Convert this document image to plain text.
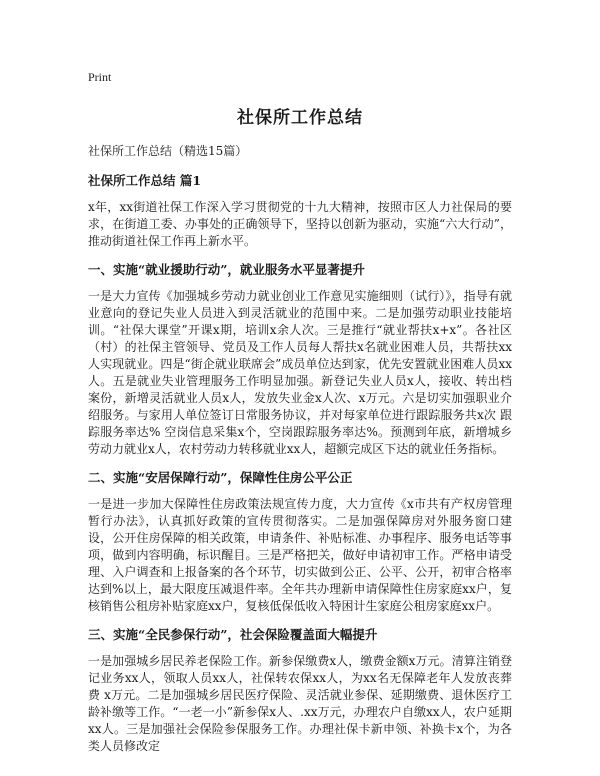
Print
社保所工作总结
社保所工作总结（精选15篇）
社保所工作总结 篇1

x年，xx街道社保工作深入学习贯彻党的十九大精神，按照市区人力社保局的要求，在街道工委、办事处的正确领导下，坚持以创新为驱动，实施“六大行动”，推动街道社保工作再上新水平。

一、实施“就业援助行动”，就业服务水平显著提升

一是大力宣传《加强城乡劳动力就业创业工作意见实施细则（试行）》，指导有就业意向的登记失业人员进入到灵活就业的范围中来。二是加强劳动职业技能培训。“社保大课堂”开课x期，培训x余人次。三是推行“就业帮扶x+x”。各社区（村）的社保主管领导、党员及工作人员每人帮扶x名就业困难人员，共帮扶xx人实现就业。四是“街企就业联席会”成员单位达到家，优先安置就业困难人员xx人。五是就业失业管理服务工作明显加强。新登记失业人员x人，接收、转出档案份，新增灵活就业人员x人，发放失业金x人次、x万元。六是切实加强职业介绍服务。与家用人单位签订日常服务协议，并对每家单位进行跟踪服务共x次 跟踪服务率达% 空岗信息采集x个，空岗跟踪服务率达%。预测到年底，新增城乡劳动力就业x人，农村劳动力转移就业xx人，超额完成区下达的就业任务指标。

二、实施“安居保障行动”，保障性住房公平公正

一是进一步加大保障性住房政策法规宣传力度，大力宣传《x市共有产权房管理暂行办法》，认真抓好政策的宣传贯彻落实。二是加强保障房对外服务窗口建设，公开住房保障的相关政策，申请条件、补贴标准、办事程序、服务电话等事项，做到内容明确，标识醒目。三是严格把关，做好申请初审工作。严格申请受理、入户调查和上报备案的各个环节，切实做到公正、公平、公开，初审合格率达到%以上，最大限度压减退件率。全年共办理新申请保障性住房家庭xx户，复核销售公租房补贴家庭xx户，复核低保低收入特困计生家庭公租房家庭xx户。

三、实施“全民参保行动”，社会保险覆盖面大幅提升

一是加强城乡居民养老保险工作。新参保缴费x人，缴费金额x万元。清算注销登记业务xx人，领取人员xx人，社保转农保xx人，为xx名无保障老年人发放丧葬费 x万元。二是加强城乡居民医疗保险、灵活就业参保、延期缴费、退休医疗工龄补缴等工作。“一老一小”新参保x人、.xx万元，办理农户自缴xx人，农户延期xx人。三是加强社会保险参保服务工作。办理社保卡新申领、补换卡x个，为各类人员修改定
